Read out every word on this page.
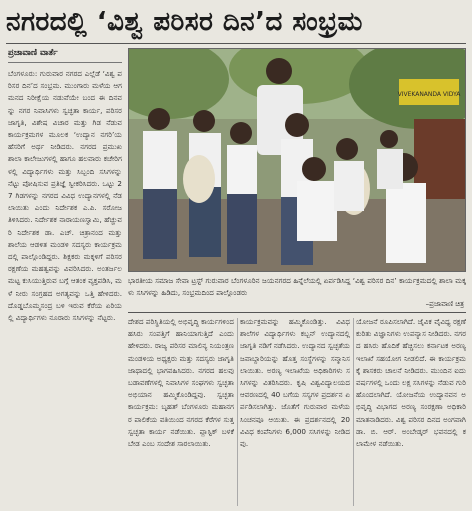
ನಗರದಲ್ಲಿ ‘ವಿಶ್ವ ಪರಿಸರ ದಿನ’ದ ಸಂಭ್ರಮ
ಪ್ರಜಾವಾಣಿ ವಾರ್ತೆ
ಬೆಂಗಳೂರು: ಗುರುವಾರ ನಗರದ ಎಲ್ಲೆಡೆ ‘ವಿಶ್ವ ಪರಿಸರ ದಿನ’ದ ಸಂಭ್ರಮ. ಮುಂಗಾರು ಮಳೆಯ ಆಗಮನದ ನಿರೀಕ್ಷೆಯ ನಡುವೆಯೇ ಬಂದ ಈ ದಿನವನ್ನು ನಗರ ನಿವಾಸಿಗಳು ಸ್ವಚ್ಛತಾ ಕಾರ್ಯ, ಪರಿಸರ ಜಾಗೃತಿ, ವಿಶೇಷ ವಿಚಾರ ಮತ್ತು ಗಿಡ ನೆಡುವ ಕಾರ್ಯಕ್ರಮಗಳ ಮೂಲಕ ‘ಉದ್ಯಾನ ನಗರಿ’ಯ ಹೆಸರಿಗೆ ಅರ್ಥ ನೀಡಿದರು. ನಗರದ ಪ್ರಮುಖ ಶಾಲಾ ಕಾಲೇಜುಗಳಲ್ಲಿ ಹಾಗೂ ಹಲವಾರು ಕಚೇರಿಗಳಲ್ಲಿ ವಿದ್ಯಾರ್ಥಿಗಳು ಮತ್ತು ಸಿಬ್ಬಂದಿ ಸಸಿಗಳನ್ನು ನೆಟ್ಟು ಪೋಷಿಸುವ ಪ್ರತಿಜ್ಞೆ ಸ್ವೀಕರಿಸಿದರು. ಒಟ್ಟು 27 ಗಿಡಗಳನ್ನು ನಗರದ ವಿವಿಧ ಉದ್ಯಾನಗಳಲ್ಲಿ ನೆಡಲಾಯಿತು ಎಂದು ನಿರ್ದೇಶಕ ಎ.ಪಿ. ಸರೋಜ ತಿಳಿಸಿದರು. ನಿರ್ದೇಶಕ ನಾರಾಯಣಸ್ವಾಮಿ, ಹೆಚ್ಚುವರಿ ನಿರ್ದೇಶಕ ಡಾ. ಎಚ್. ಚಿತ್ರಾನಂದ ಮತ್ತು ಶಾಲೆಯ ಆಡಳಿತ ಮಂಡಳಿ ಸದಸ್ಯರು ಕಾರ್ಯಕ್ರಮದಲ್ಲಿ ಪಾಲ್ಗೊಂಡಿದ್ದರು. ಶಿಕ್ಷಕರು ಮಕ್ಕಳಿಗೆ ಪರಿಸರ ರಕ್ಷಣೆಯ ಮಹತ್ವವನ್ನು ವಿವರಿಸಿದರು. ಅಂತರ್ಜಲ ಮಟ್ಟ ಕುಸಿಯುತ್ತಿರುವ ಬಗ್ಗೆ ಆತಂಕ ವ್ಯಕ್ತಪಡಿಸಿ, ಮಳೆ ನೀರು ಸಂಗ್ರಹದ ಅಗತ್ಯವನ್ನು ಒತ್ತಿ ಹೇಳಿದರು. ದೊಡ್ಡಬೊಮ್ಮಸಂದ್ರ ಬಳಿ ಇರುವ ಕೆರೆಯ ಏರಿಯಲ್ಲಿ ವಿದ್ಯಾರ್ಥಿಗಳು ನೂರಾರು ಸಸಿಗಳನ್ನು ನೆಟ್ಟರು.
VIVEKANANDA VIDYA
ಭಾರತೀಯ ಸಮಾಜ ಸೇವಾ ಟ್ರಸ್ಟ್ ಗುರುವಾರ ಬೆಂಗಳೂರಿನ ಜಯನಗರದ ಹಿನ್ನೆಲೆಯಲ್ಲಿ ಏರ್ಪಡಿಸಿದ್ದ ‘ವಿಶ್ವ ಪರಿಸರ ದಿನ’ ಕಾರ್ಯಕ್ರಮದಲ್ಲಿ ಶಾಲಾ ಮಕ್ಕಳು ಸಸಿಗಳನ್ನು ಹಿಡಿದು, ಸಂಭ್ರಮದಿಂದ ಪಾಲ್ಗೊಂಡರು
–ಪ್ರಜಾವಾಣಿ ಚಿತ್ರ
ದೇಶದ ಪರಿಸ್ಥಿತಿಯಲ್ಲಿ ಅಭಿವೃದ್ಧಿ ಕಾರ್ಯಗಳಿಂದ ಹಸಿರು ಸಂಪತ್ತಿಗೆ ಹಾನಿಯಾಗುತ್ತಿದೆ ಎಂದು ಹೇಳಿದರು. ರಾಜ್ಯ ಪರಿಸರ ಮಾಲಿನ್ಯ ನಿಯಂತ್ರಣ ಮಂಡಳಿಯ ಅಧ್ಯಕ್ಷರು ಮತ್ತು ಸದಸ್ಯರು ಜಾಗೃತಿ ಜಾಥಾದಲ್ಲಿ ಭಾಗವಹಿಸಿದರು. ನಗರದ ಹಲವು ಬಡಾವಣೆಗಳಲ್ಲಿ ನಿವಾಸಿಗಳ ಸಂಘಗಳು ಸ್ವಚ್ಛತಾ ಅಭಿಯಾನ ಹಮ್ಮಿಕೊಂಡಿದ್ದವು. ಸ್ವಚ್ಛತಾ ಕಾರ್ಯಕ್ರಮ: ಬೃಹತ್ ಬೆಂಗಳೂರು ಮಹಾನಗರ ಪಾಲಿಕೆಯ ವತಿಯಿಂದ ನಗರದ ಕೆರೆಗಳ ಸುತ್ತ ಸ್ವಚ್ಛತಾ ಕಾರ್ಯ ನಡೆಯಿತು. ಪ್ಲಾಸ್ಟಿಕ್ ಬಳಕೆ ಬೇಡ ಎಂಬ ಸಂದೇಶ ಸಾರಲಾಯಿತು.
ಕಾರ್ಯಕ್ರಮವನ್ನು ಹಮ್ಮಿಕೊಂಡಿತ್ತು. ವಿವಿಧ ಶಾಲೆಗಳ ವಿದ್ಯಾರ್ಥಿಗಳು ಕಬ್ಬನ್ ಉದ್ಯಾನದಲ್ಲಿ ಜಾಗೃತಿ ನಡಿಗೆ ನಡೆಸಿದರು. ಉದ್ಯಾನದ ಸ್ವಚ್ಛತೆಯ ಜವಾಬ್ದಾರಿಯನ್ನು ಹೊತ್ತ ಸಂಸ್ಥೆಗಳನ್ನು ಸನ್ಮಾನಿಸಲಾಯಿತು. ಅರಣ್ಯ ಇಲಾಖೆಯ ಅಧಿಕಾರಿಗಳು ಸಸಿಗಳನ್ನು ವಿತರಿಸಿದರು. ಕೃಷಿ ವಿಶ್ವವಿದ್ಯಾಲಯದ ಆವರಣದಲ್ಲಿ 40 ಬಗೆಯ ಸಸ್ಯಗಳ ಪ್ರದರ್ಶನ ಏರ್ಪಡಿಸಲಾಗಿತ್ತು. ಜೊತೆಗೆ ಗುರುವಾರ ಮಳೆಯ ಸಿಂಚನವೂ ಆಯಿತು. ಈ ಪ್ರದರ್ಶನದಲ್ಲಿ 20 ವಿವಿಧ ಕಂಪೆನಿಗಳು 6,000 ಸಸಿಗಳನ್ನು ನೀಡಿದವು.
ಯೋಜನೆ ರೂಪಿಸಲಾಗಿದೆ. ಜೈವಿಕ ವೈವಿಧ್ಯ ರಕ್ಷಣೆ ಕುರಿತು ವಿಜ್ಞಾನಿಗಳು ಉಪನ್ಯಾಸ ನೀಡಿದರು. ನಗರದ ಹಸಿರು ಹೊದಿಕೆ ಹೆಚ್ಚಿಸಲು ಕರ್ನಾಟಕ ಅರಣ್ಯ ಇಲಾಖೆ ಸಹಯೋಗ ನೀಡಲಿದೆ. ಈ ಕಾರ್ಯಕ್ರಮಕ್ಕೆ ಶಾಸಕರು ಚಾಲನೆ ನೀಡಿದರು. ಮುಂದಿನ ಐದು ವರ್ಷಗಳಲ್ಲಿ ಒಂದು ಲಕ್ಷ ಸಸಿಗಳನ್ನು ನೆಡುವ ಗುರಿ ಹೊಂದಲಾಗಿದೆ. ಯೋಜನೆಯ ಉದ್ಯಾನವನ ಅಭಿವೃದ್ಧಿ ವಿಭಾಗದ ಅರಣ್ಯ ಸಂರಕ್ಷಣಾ ಅಧಿಕಾರಿ ಮಾತನಾಡಿದರು. ವಿಶ್ವ ಪರಿಸರ ದಿನದ ಅಂಗವಾಗಿ ಡಾ. ಬಿ. ಆರ್. ಅಂಬೇಡ್ಕರ್ ಭವನದಲ್ಲಿ ಕಲಾಮೇಳ ನಡೆಯಿತು.
